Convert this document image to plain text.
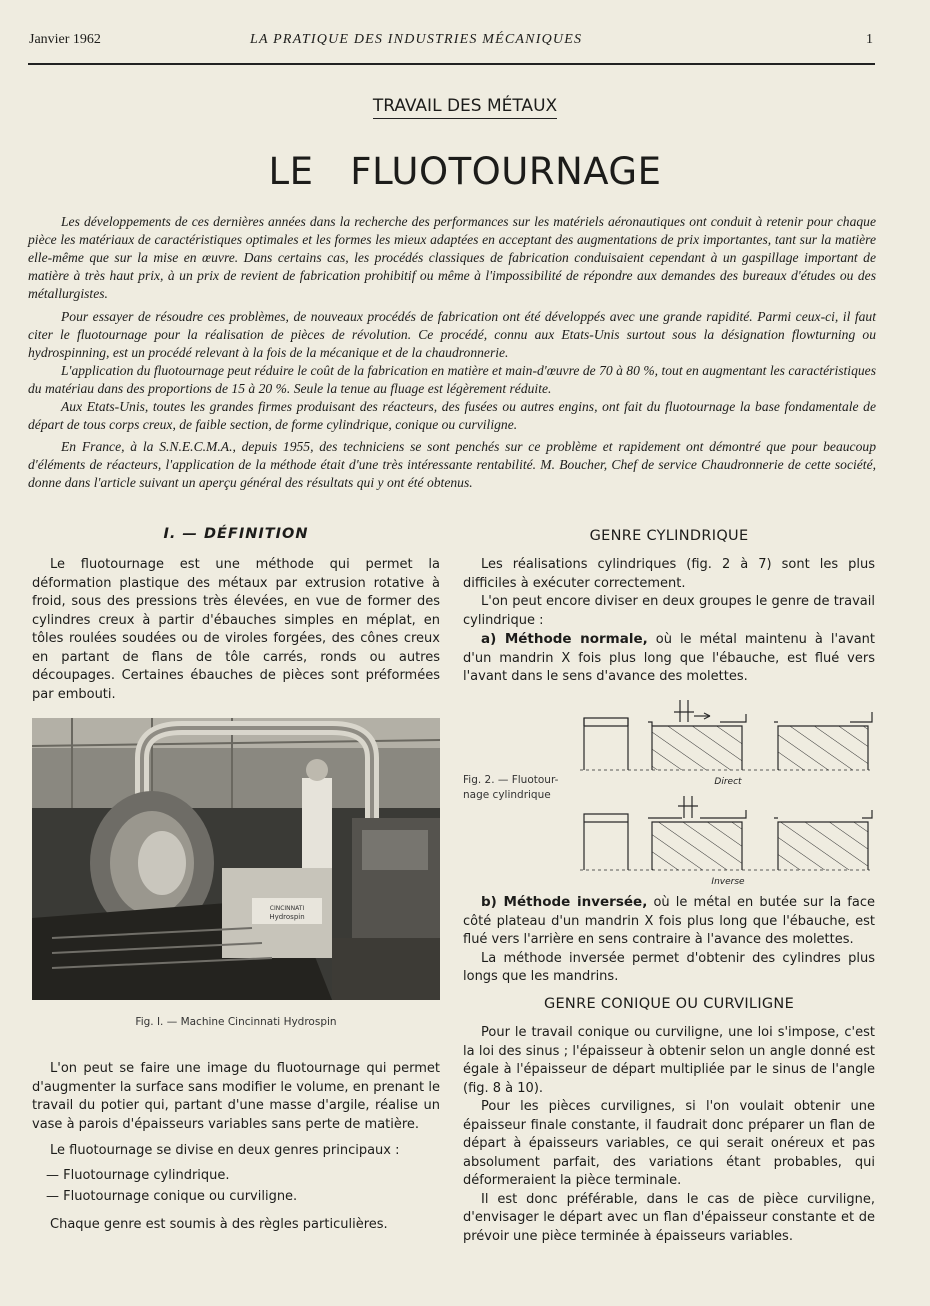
Janvier 1962	LA PRATIQUE DES INDUSTRIES MÉCANIQUES	1
TRAVAIL DES MÉTAUX
LE   FLUOTOURNAGE

Les développements de ces dernières années dans la recherche des performances sur les matériels aéronautiques ont conduit à retenir pour chaque pièce les matériaux de caractéristiques optimales et les formes les mieux adaptées en acceptant des augmentations de prix importantes, tant sur la matière elle-même que sur la mise en œuvre. Dans certains cas, les procédés classiques de fabrication conduisaient cependant à un gaspillage important de matière à très haut prix, à un prix de revient de fabrication prohibitif ou même à l'impossibilité de répondre aux demandes des bureaux d'études ou des métallurgistes.

Pour essayer de résoudre ces problèmes, de nouveaux procédés de fabrication ont été développés avec une grande rapidité. Parmi ceux-ci, il faut citer le fluotournage pour la réalisation de pièces de révolution. Ce procédé, connu aux Etats-Unis surtout sous la désignation flowturning ou hydrospinning, est un procédé relevant à la fois de la mécanique et de la chaudronnerie.

L'application du fluotournage peut réduire le coût de la fabrication en matière et main-d'œuvre de 70 à 80 %, tout en augmentant les caractéristiques du matériau dans des proportions de 15 à 20 %. Seule la tenue au fluage est légèrement réduite.

Aux Etats-Unis, toutes les grandes firmes produisant des réacteurs, des fusées ou autres engins, ont fait du fluotournage la base fondamentale de départ de tous corps creux, de faible section, de forme cylindrique, conique ou curviligne.

En France, à la S.N.E.C.M.A., depuis 1955, des techniciens se sont penchés sur ce problème et rapidement ont démontré que pour beaucoup d'éléments de réacteurs, l'application de la méthode était d'une très intéressante rentabilité. M. Boucher, Chef de service Chaudronnerie de cette société, donne dans l'article suivant un aperçu général des résultats qui y ont été obtenus.

I. — DÉFINITION

Le fluotournage est une méthode qui permet la déformation plastique des métaux par extrusion rotative à froid, sous des pressions très élevées, en vue de former des cylindres creux à partir d'ébauches simples en méplat, en tôles roulées soudées ou de viroles forgées, des cônes creux en partant de flans de tôle carrés, ronds ou autres découpages. Certaines ébauches de pièces sont préformées par embouti.

CINCINNATI
Hydrospin
Fig. I. — Machine Cincinnati Hydrospin

L'on peut se faire une image du fluotournage qui permet d'augmenter la surface sans modifier le volume, en prenant le travail du potier qui, partant d'une masse d'argile, réalise un vase à parois d'épaisseurs variables sans perte de matière.

Le fluotournage se divise en deux genres principaux :

— Fluotournage cylindrique.
— Fluotournage conique ou curviligne.

Chaque genre est soumis à des règles particulières.

GENRE CYLINDRIQUE

Les réalisations cylindriques (fig. 2 à 7) sont les plus difficiles à exécuter correctement.

L'on peut encore diviser en deux groupes le genre de travail cylindrique :

a) Méthode normale, où le métal maintenu à l'avant d'un mandrin X fois plus long que l'ébauche, est flué vers l'avant dans le sens d'avance des molettes.

Fig. 2. — Fluotour-
nage cylindrique
Direct
Inverse

b) Méthode inversée, où le métal en butée sur la face côté plateau d'un mandrin X fois plus long que l'ébauche, est flué vers l'arrière en sens contraire à l'avance des molettes.

La méthode inversée permet d'obtenir des cylindres plus longs que les mandrins.

GENRE CONIQUE OU CURVILIGNE

Pour le travail conique ou curviligne, une loi s'impose, c'est la loi des sinus ; l'épaisseur à obtenir selon un angle donné est égale à l'épaisseur de départ multipliée par le sinus de l'angle (fig. 8 à 10).

Pour les pièces curvilignes, si l'on voulait obtenir une épaisseur finale constante, il faudrait donc préparer un flan de départ à épaisseurs variables, ce qui serait onéreux et pas absolument parfait, des variations étant probables, qui déformeraient la pièce terminale.

Il est donc préférable, dans le cas de pièce curviligne, d'envisager le départ avec un flan d'épaisseur constante et de prévoir une pièce terminée à épaisseurs variables.
